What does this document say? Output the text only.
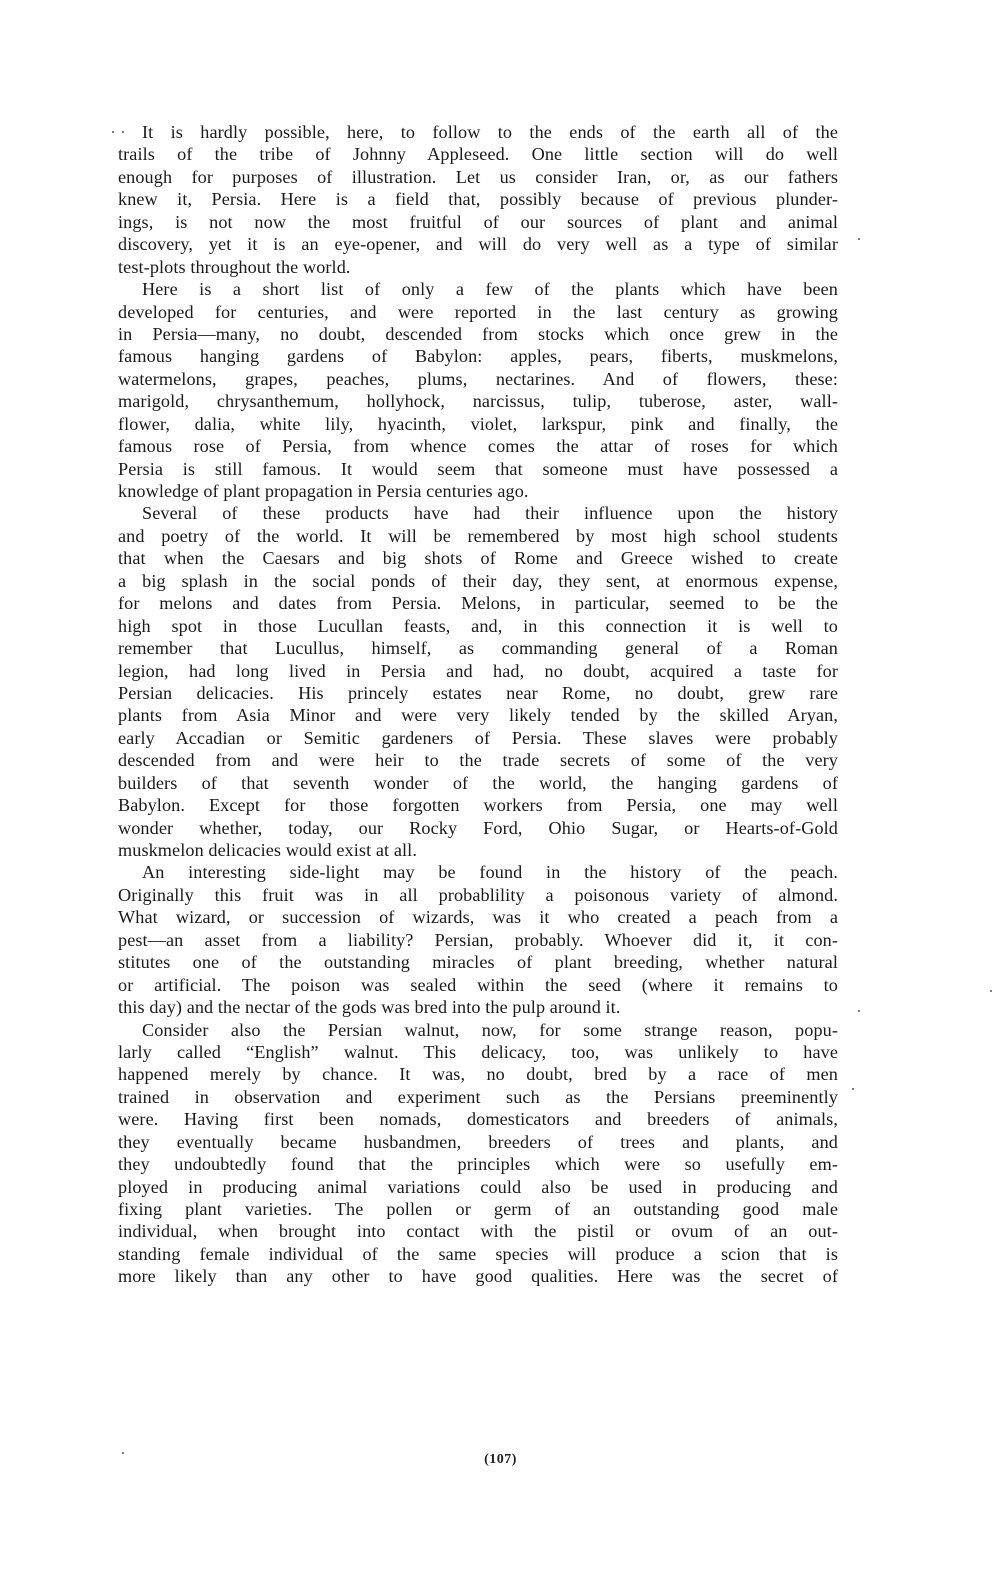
It is hardly possible, here, to follow to the ends of the earth all of the
trails of the tribe of Johnny Appleseed. One little section will do well
enough for purposes of illustration. Let us consider Iran, or, as our fathers
knew it, Persia. Here is a field that, possibly because of previous plunder-
ings, is not now the most fruitful of our sources of plant and animal
discovery, yet it is an eye-opener, and will do very well as a type of similar
test-plots throughout the world.
Here is a short list of only a few of the plants which have been
developed for centuries, and were reported in the last century as growing
in Persia—many, no doubt, descended from stocks which once grew in the
famous hanging gardens of Babylon: apples, pears, fiberts, muskmelons,
watermelons, grapes, peaches, plums, nectarines. And of flowers, these:
marigold, chrysanthemum, hollyhock, narcissus, tulip, tuberose, aster, wall-
flower, dalia, white lily, hyacinth, violet, larkspur, pink and finally, the
famous rose of Persia, from whence comes the attar of roses for which
Persia is still famous. It would seem that someone must have possessed a
knowledge of plant propagation in Persia centuries ago.
Several of these products have had their influence upon the history
and poetry of the world. It will be remembered by most high school students
that when the Caesars and big shots of Rome and Greece wished to create
a big splash in the social ponds of their day, they sent, at enormous expense,
for melons and dates from Persia. Melons, in particular, seemed to be the
high spot in those Lucullan feasts, and, in this connection it is well to
remember that Lucullus, himself, as commanding general of a Roman
legion, had long lived in Persia and had, no doubt, acquired a taste for
Persian delicacies. His princely estates near Rome, no doubt, grew rare
plants from Asia Minor and were very likely tended by the skilled Aryan,
early Accadian or Semitic gardeners of Persia. These slaves were probably
descended from and were heir to the trade secrets of some of the very
builders of that seventh wonder of the world, the hanging gardens of
Babylon. Except for those forgotten workers from Persia, one may well
wonder whether, today, our Rocky Ford, Ohio Sugar, or Hearts-of-Gold
muskmelon delicacies would exist at all.
An interesting side-light may be found in the history of the peach.
Originally this fruit was in all probablility a poisonous variety of almond.
What wizard, or succession of wizards, was it who created a peach from a
pest—an asset from a liability? Persian, probably. Whoever did it, it con-
stitutes one of the outstanding miracles of plant breeding, whether natural
or artificial. The poison was sealed within the seed (where it remains to
this day) and the nectar of the gods was bred into the pulp around it.
Consider also the Persian walnut, now, for some strange reason, popu-
larly called “English” walnut. This delicacy, too, was unlikely to have
happened merely by chance. It was, no doubt, bred by a race of men
trained in observation and experiment such as the Persians preeminently
were. Having first been nomads, domesticators and breeders of animals,
they eventually became husbandmen, breeders of trees and plants, and
they undoubtedly found that the principles which were so usefully em-
ployed in producing animal variations could also be used in producing and
fixing plant varieties. The pollen or germ of an outstanding good male
individual, when brought into contact with the pistil or ovum of an out-
standing female individual of the same species will produce a scion that is
more likely than any other to have good qualities. Here was the secret of
(107)
